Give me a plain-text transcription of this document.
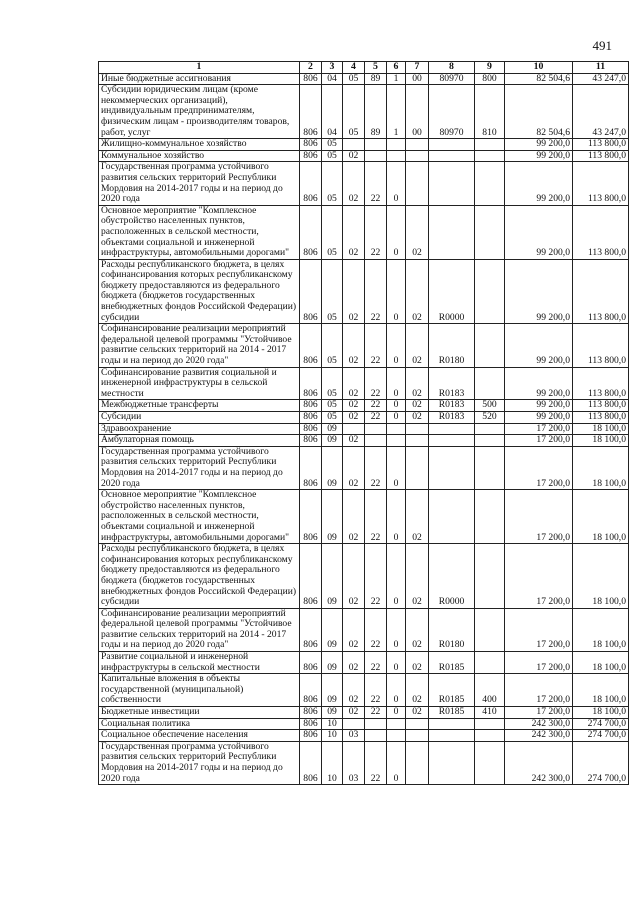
491
1	2	3	4	5	6	7	8	9	10	11
Иные бюджетные ассигнования	806	04	05	89	1	00	80970	800	82 504,6	43 247,0
Субсидии юридическим лицам (кроме некоммерческих организаций), индивидуальным предпринимателям, физическим лицам - производителям товаров, работ, услуг	806	04	05	89	1	00	80970	810	82 504,6	43 247,0
Жилищно-коммунальное хозяйство	806	05							99 200,0	113 800,0
Коммунальное хозяйство	806	05	02						99 200,0	113 800,0
Государственная программа устойчивого развития сельских территорий Республики Мордовия на 2014-2017 годы и на период до 2020 года	806	05	02	22	0				99 200,0	113 800,0
Основное мероприятие "Комплексное обустройство населенных пунктов, расположенных в сельской местности, объектами социальной и инженерной инфраструктуры, автомобильными дорогами"	806	05	02	22	0	02			99 200,0	113 800,0
Расходы республиканского бюджета, в целях софинансирования которых республиканскому бюджету предоставляются из федерального бюджета (бюджетов государственных внебюджетных фондов Российской Федерации) субсидии	806	05	02	22	0	02	R0000		99 200,0	113 800,0
Софинансирование реализации мероприятий федеральной целевой программы "Устойчивое развитие сельских территорий на 2014 - 2017 годы и на период до 2020 года"	806	05	02	22	0	02	R0180		99 200,0	113 800,0
Софинансирование развития социальной и инженерной инфраструктуры в сельской местности	806	05	02	22	0	02	R0183		99 200,0	113 800,0
Межбюджетные трансферты	806	05	02	22	0	02	R0183	500	99 200,0	113 800,0
Субсидии	806	05	02	22	0	02	R0183	520	99 200,0	113 800,0
Здравоохранение	806	09							17 200,0	18 100,0
Амбулаторная помощь	806	09	02						17 200,0	18 100,0
Государственная программа устойчивого развития сельских территорий Республики Мордовия на 2014-2017 годы и на период до 2020 года	806	09	02	22	0				17 200,0	18 100,0
Основное мероприятие "Комплексное обустройство населенных пунктов, расположенных в сельской местности, объектами социальной и инженерной инфраструктуры, автомобильными дорогами"	806	09	02	22	0	02			17 200,0	18 100,0
Расходы республиканского бюджета, в целях софинансирования которых республиканскому бюджету предоставляются из федерального бюджета (бюджетов государственных внебюджетных фондов Российской Федерации) субсидии	806	09	02	22	0	02	R0000		17 200,0	18 100,0
Софинансирование реализации мероприятий федеральной целевой программы "Устойчивое развитие сельских территорий на 2014 - 2017 годы и на период до 2020 года"	806	09	02	22	0	02	R0180		17 200,0	18 100,0
Развитие социальной и инженерной инфраструктуры в сельской местности	806	09	02	22	0	02	R0185		17 200,0	18 100,0
Капитальные вложения в объекты государственной (муниципальной) собственности	806	09	02	22	0	02	R0185	400	17 200,0	18 100,0
Бюджетные инвестиции	806	09	02	22	0	02	R0185	410	17 200,0	18 100,0
Социальная политика	806	10							242 300,0	274 700,0
Социальное обеспечение населения	806	10	03						242 300,0	274 700,0
Государственная программа устойчивого развития сельских территорий Республики Мордовия на 2014-2017 годы и на период до 2020 года	806	10	03	22	0				242 300,0	274 700,0
